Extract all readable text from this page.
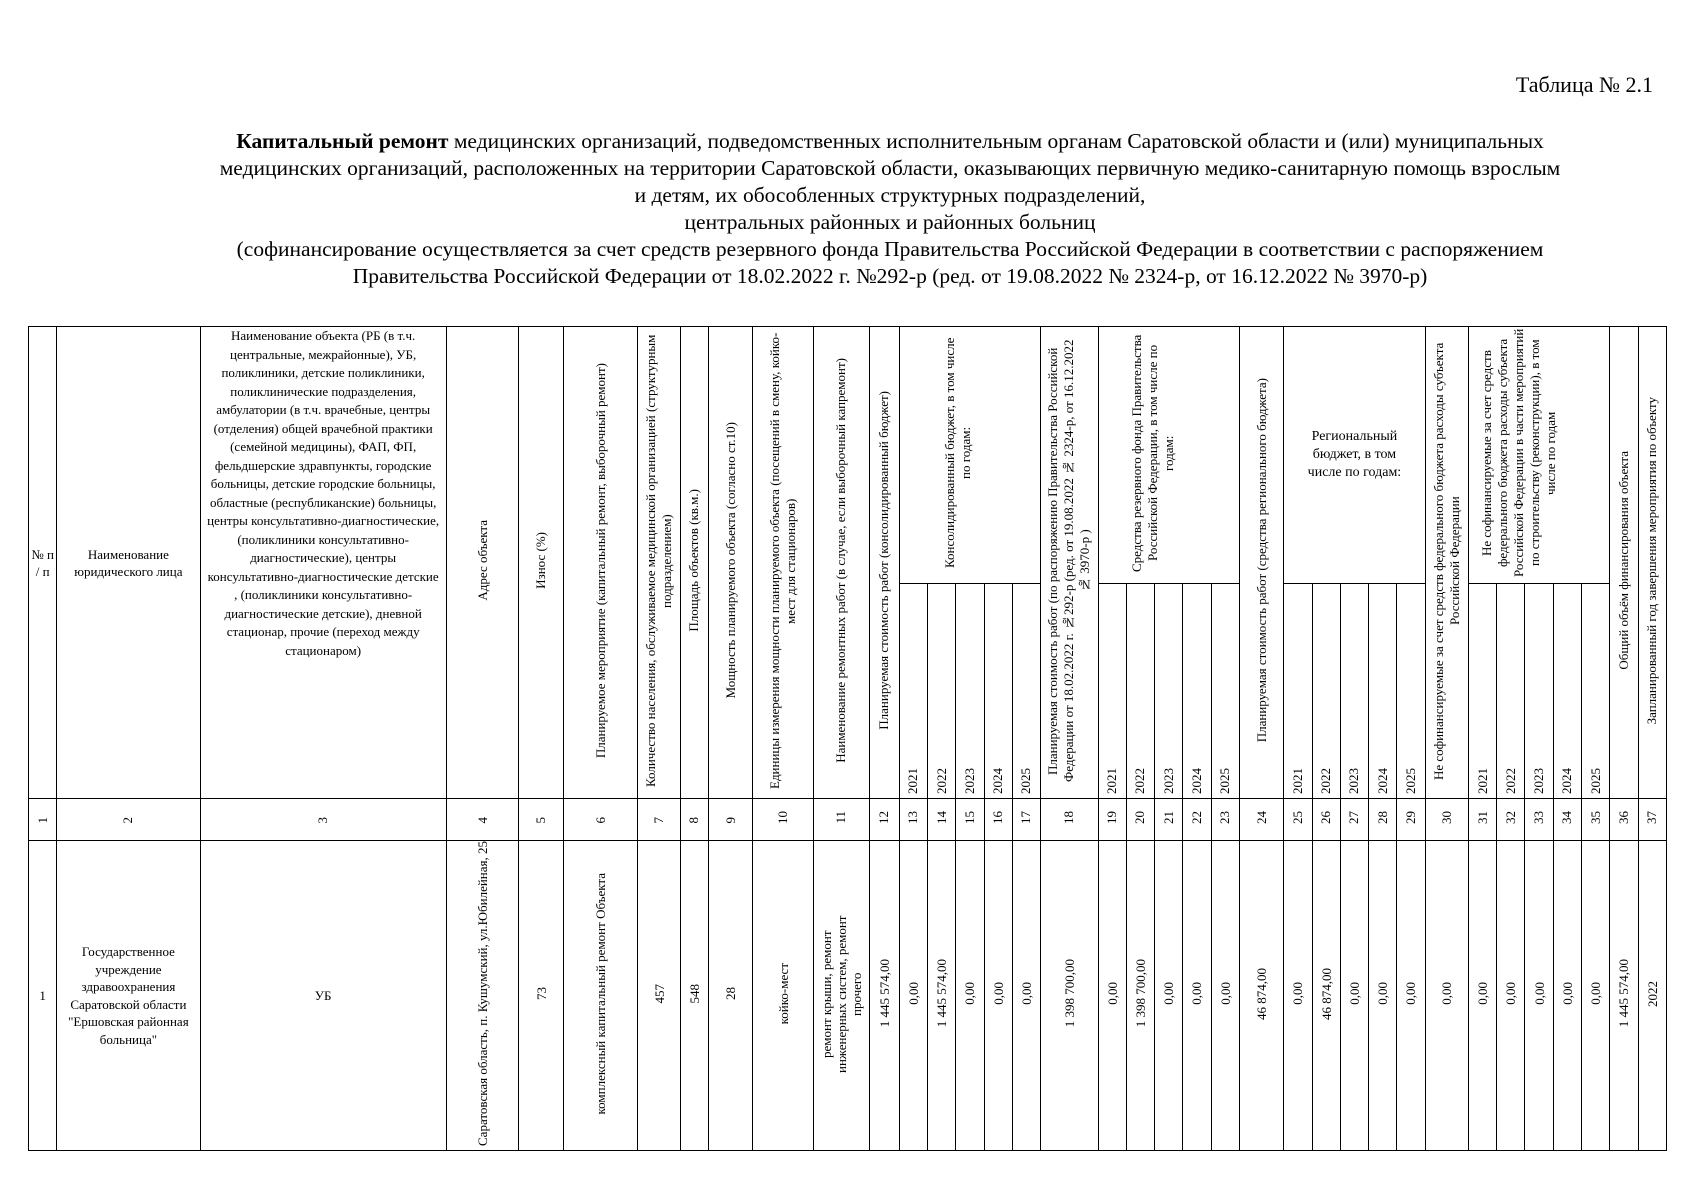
Таблица № 2.1
Капитальный ремонт медицинских организаций, подведомственных исполнительным органам Саратовской области и (или) муниципальных
медицинских организаций, расположенных на территории Саратовской области, оказывающих первичную медико-санитарную помощь взрослым
и детям, их обособленных структурных подразделений,
центральных районных и районных больниц
(софинансирование осуществляется за счет средств резервного фонда Правительства Российской Федерации в соответствии с распоряжением
Правительства Российской Федерации от 18.02.2022 г. №292-р (ред. от 19.08.2022 № 2324-р, от 16.12.2022 № 3970-р)
№ п / п	Наименование юридического лица	Наименование объекта (РБ (в т.ч. центральные, межрайонные), УБ, поликлиники, детские поликлиники, поликлинические подразделения, амбулатории (в т.ч. врачебные, центры (отделения) общей врачебной практики (семейной медицины), ФАП, ФП, фельдшерские здравпункты, городские больницы, детские городские больницы, областные (республиканские) больницы, центры консультативно-диагностические, (поликлиники консультативно-диагностические), центры консультативно-диагностические детские , (поликлиники консультативно-диагностические детские), дневной стационар, прочие (переход между стационаром)	Адрес объекта	Износ (%)	Планируемое мероприятие (капитальный ремонт, выборочный ремонт)	Количество населения, обслуживаемое медицинской организацией (структурным подразделением)	Площадь объектов (кв.м.)	Мощность планируемого объекта (согласно ст.10)	Единицы измерения мощности планируемого объекта (посещений в смену, койко-мест для стационаров)	Наименование ремонтных работ (в случае, если выборочный капремонт)	Планируемая стоимость работ (консолидированный бюджет)	Консолидированный бюджет, в том числе по годам:					Планируемая стоимость работ (по распоряжению Правительства Российской Федерации от 18.02.2022 г. №292-р (ред. от 19.08.2022 № 2324-р, от 16.12.2022 № 3970-р )	Средства резервного фонда Правительства Российской Федерации, в том числе по годам:					Планируемая стоимость работ (средства регионального бюджета)	Региональный бюджет, в том числе по годам:					Не софинансируемые за счет средств федерального бюджета расходы субъекта Российской Федерации	Не софинансируемые за счет средств федерального бюджета расходы субъекта Российской Федерации в части мероприятий по строительству (реконструкции), в том числе по годам					Общий объём финансирования объекта	Запланированный год завершения мероприятия по объекту
												2021	2022	2023	2024	2025		2021	2022	2023	2024	2025		2021	2022	2023	2024	2025		2021	2022	2023	2024	2025		
1	2	3	4	5	6	7	8	9	10	11	12	13	14	15	16	17	18	19	20	21	22	23	24	25	26	27	28	29	30	31	32	33	34	35	36	37
1	Государственное учреждение здравоохранения Саратовской области "Ершовская районная больница"	УБ	Саратовская область, п. Кушумский, ул.Юбилейная, 25	73	комплексный капитальный ремонт Объекта	457	548	28	койко-мест	ремонт крыши, ремонт инженерных систем, ремонт прочего	1 445 574,00	0,00	1 445 574,00	0,00	0,00	0,00	1 398 700,00	0,00	1 398 700,00	0,00	0,00	0,00	46 874,00	0,00	46 874,00	0,00	0,00	0,00	0,00	0,00	0,00	0,00	0,00	0,00	1 445 574,00	2022
